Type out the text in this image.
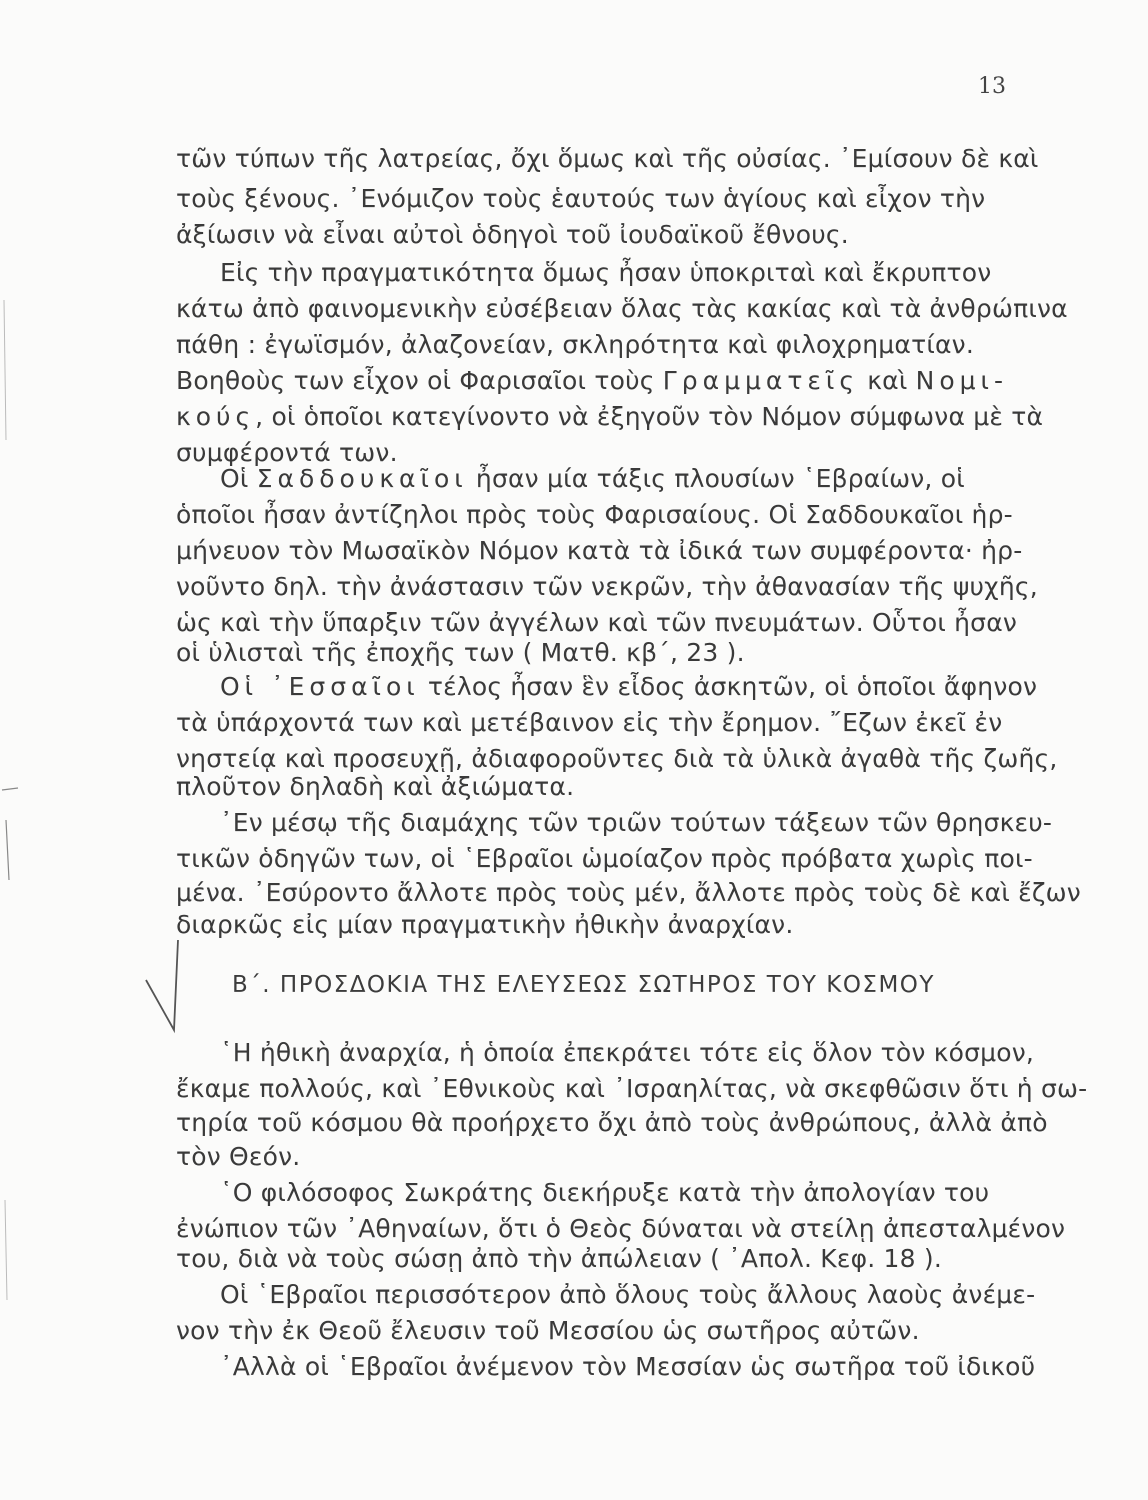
13
τῶν τύπων τῆς λατρείας, ὄχι ὅμως καὶ τῆς οὐσίας. ᾿Εμίσουν δὲ καὶ
τοὺς ξένους. ᾿Ενόμιζον τοὺς ἑαυτούς των ἁγίους καὶ εἶχον τὴν
ἀξίωσιν νὰ εἶναι αὐτοὶ ὁδηγοὶ τοῦ ἰουδαϊκοῦ ἔθνους.
Εἰς τὴν πραγματικότητα ὅμως ἦσαν ὑποκριταὶ καὶ ἔκρυπτον
κάτω ἀπὸ φαινομενικὴν εὐσέβειαν ὅλας τὰς κακίας καὶ τὰ ἀνθρώπινα
πάθη : ἐγωϊσμόν, ἀλαζονείαν, σκληρότητα καὶ φιλοχρηματίαν.
Βοηθοὺς των εἶχον οἱ Φαρισαῖοι τοὺς Γραμματεῖς καὶ Νομι-
κούς, οἱ ὁποῖοι κατεγίνοντο νὰ ἐξηγοῦν τὸν Νόμον σύμφωνα μὲ τὰ
συμφέροντά των.
Οἱ Σαδδουκαῖοι ἦσαν μία τάξις πλουσίων ῾Εβραίων, οἱ
ὁποῖοι ἦσαν ἀντίζηλοι πρὸς τοὺς Φαρισαίους. Οἱ Σαδδουκαῖοι ἡρ-
μήνευον τὸν Μωσαϊκὸν Νόμον κατὰ τὰ ἰδικά των συμφέροντα· ἠρ-
νοῦντο δηλ. τὴν ἀνάστασιν τῶν νεκρῶν, τὴν ἀθανασίαν τῆς ψυχῆς,
ὡς καὶ τὴν ὕπαρξιν τῶν ἀγγέλων καὶ τῶν πνευμάτων. Οὗτοι ἦσαν
οἱ ὑλισταὶ τῆς ἐποχῆς των ( Ματθ. κβ΄, 23 ).
Οἱ ᾿Εσσαῖοι τέλος ἦσαν ἓν εἶδος ἀσκητῶν, οἱ ὁποῖοι ἄφηνον
τὰ ὑπάρχοντά των καὶ μετέβαινον εἰς τὴν ἔρημον. ῎Εζων ἐκεῖ ἐν
νηστείᾳ καὶ προσευχῇ, ἀδιαφοροῦντες διὰ τὰ ὑλικὰ ἀγαθὰ τῆς ζωῆς,
πλοῦτον δηλαδὴ καὶ ἀξιώματα.
᾿Εν μέσῳ τῆς διαμάχης τῶν τριῶν τούτων τάξεων τῶν θρησκευ-
τικῶν ὁδηγῶν των, οἱ ῾Εβραῖοι ὡμοίαζον πρὸς πρόβατα χωρὶς ποι-
μένα. ᾿Εσύροντο ἄλλοτε πρὸς τοὺς μέν, ἄλλοτε πρὸς τοὺς δὲ καὶ ἔζων
διαρκῶς εἰς μίαν πραγματικὴν ἠθικὴν ἀναρχίαν.
Β΄. ΠΡΟΣΔΟΚΙΑ ΤΗΣ ΕΛΕΥΣΕΩΣ ΣΩΤΗΡΟΣ ΤΟΥ ΚΟΣΜΟΥ
῾Η ἠθικὴ ἀναρχία, ἡ ὁποία ἐπεκράτει τότε εἰς ὅλον τὸν κόσμον,
ἔκαμε πολλούς, καὶ ᾿Εθνικοὺς καὶ ᾿Ισραηλίτας, νὰ σκεφθῶσιν ὅτι ἡ σω-
τηρία τοῦ κόσμου θὰ προήρχετο ὄχι ἀπὸ τοὺς ἀνθρώπους, ἀλλὰ ἀπὸ
τὸν Θεόν.
῾Ο φιλόσοφος Σωκράτης διεκήρυξε κατὰ τὴν ἀπολογίαν του
ἐνώπιον τῶν ᾿Αθηναίων, ὅτι ὁ Θεὸς δύναται νὰ στείλῃ ἀπεσταλμένον
του, διὰ νὰ τοὺς σώσῃ ἀπὸ τὴν ἀπώλειαν ( ᾿Απολ. Κεφ. 18 ).
Οἱ ῾Εβραῖοι περισσότερον ἀπὸ ὅλους τοὺς ἄλλους λαοὺς ἀνέμε-
νον τὴν ἐκ Θεοῦ ἔλευσιν τοῦ Μεσσίου ὡς σωτῆρος αὐτῶν.
᾿Αλλὰ οἱ ῾Εβραῖοι ἀνέμενον τὸν Μεσσίαν ὡς σωτῆρα τοῦ ἰδικοῦ
